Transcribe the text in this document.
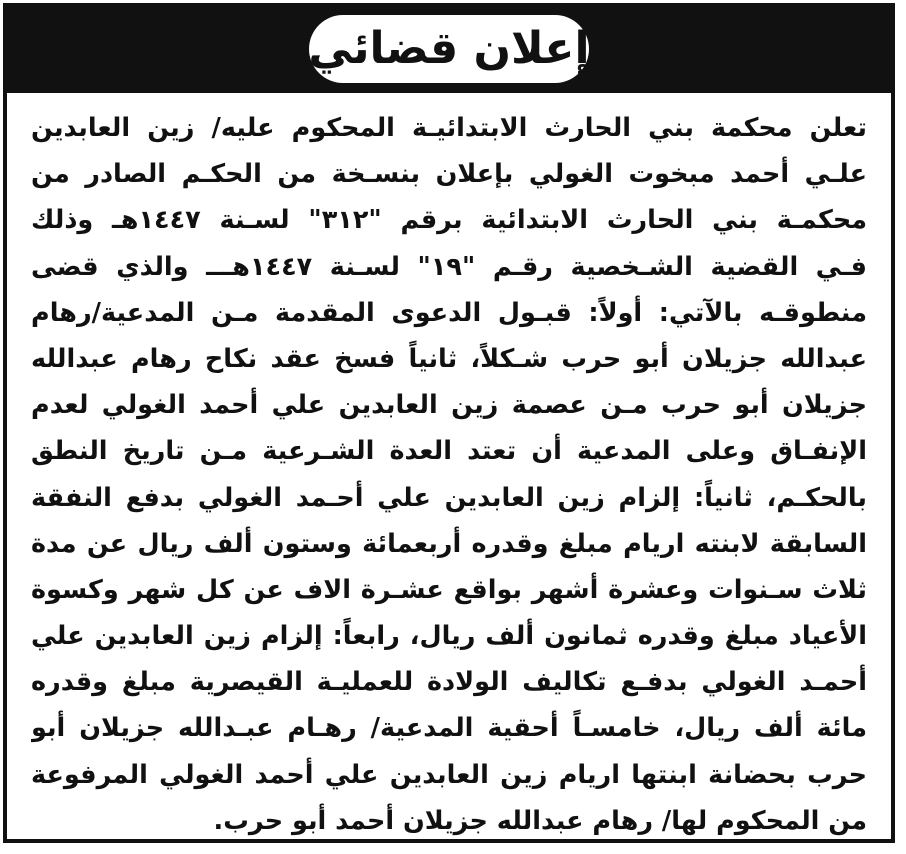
إعلان قضائي
تعلن محكمة بني الحارث الابتدائيـة المحكوم عليه/ زين العابدين
علـي أحمد مبخوت الغولي بإعلان بنسـخة من الحكـم الصادر من
محكمـة بني الحارث الابتدائية برقم "٣١٢" لسـنة ١٤٤٧هـ وذلك
فـي القضية الشـخصية رقـم "١٩" لسـنة ١٤٤٧هـــ والذي قضى
منطوقـه بالآتي: أولاً: قبـول الدعوى المقدمة مـن المدعية/رهام
عبدالله جزيلان أبو حرب شـكلاً، ثانياً فسخ عقد نكاح رهام عبدالله
جزيلان أبو حرب مـن عصمة زين العابدين علي أحمد الغولي لعدم
الإنفـاق وعلى المدعية أن تعتد العدة الشـرعية مـن تاريخ النطق
بالحكـم، ثانياً: إلزام زين العابدين علي أحـمد الغولي بدفع النفقة
السابقة لابنته اريام مبلغ وقدره أربعمائة وستون ألف ريال عن مدة
ثلاث سـنوات وعشرة أشهر بواقع عشـرة الاف عن كل شهر وكسوة
الأعياد مبلغ وقدره ثمانون ألف ريال، رابعاً: إلزام زين العابدين علي
أحمـد الغولي بدفـع تكاليف الولادة للعمليـة القيصرية مبلغ وقدره
مائة ألف ريال، خامسـاً أحقية المدعية/ رهـام عبـدالله جزيلان أبو
حرب بحضانة ابنتها اريام زين العابدين علي أحمد الغولي المرفوعة
من المحكوم لها/ رهام عبدالله جزيلان أحمد أبو حرب.
